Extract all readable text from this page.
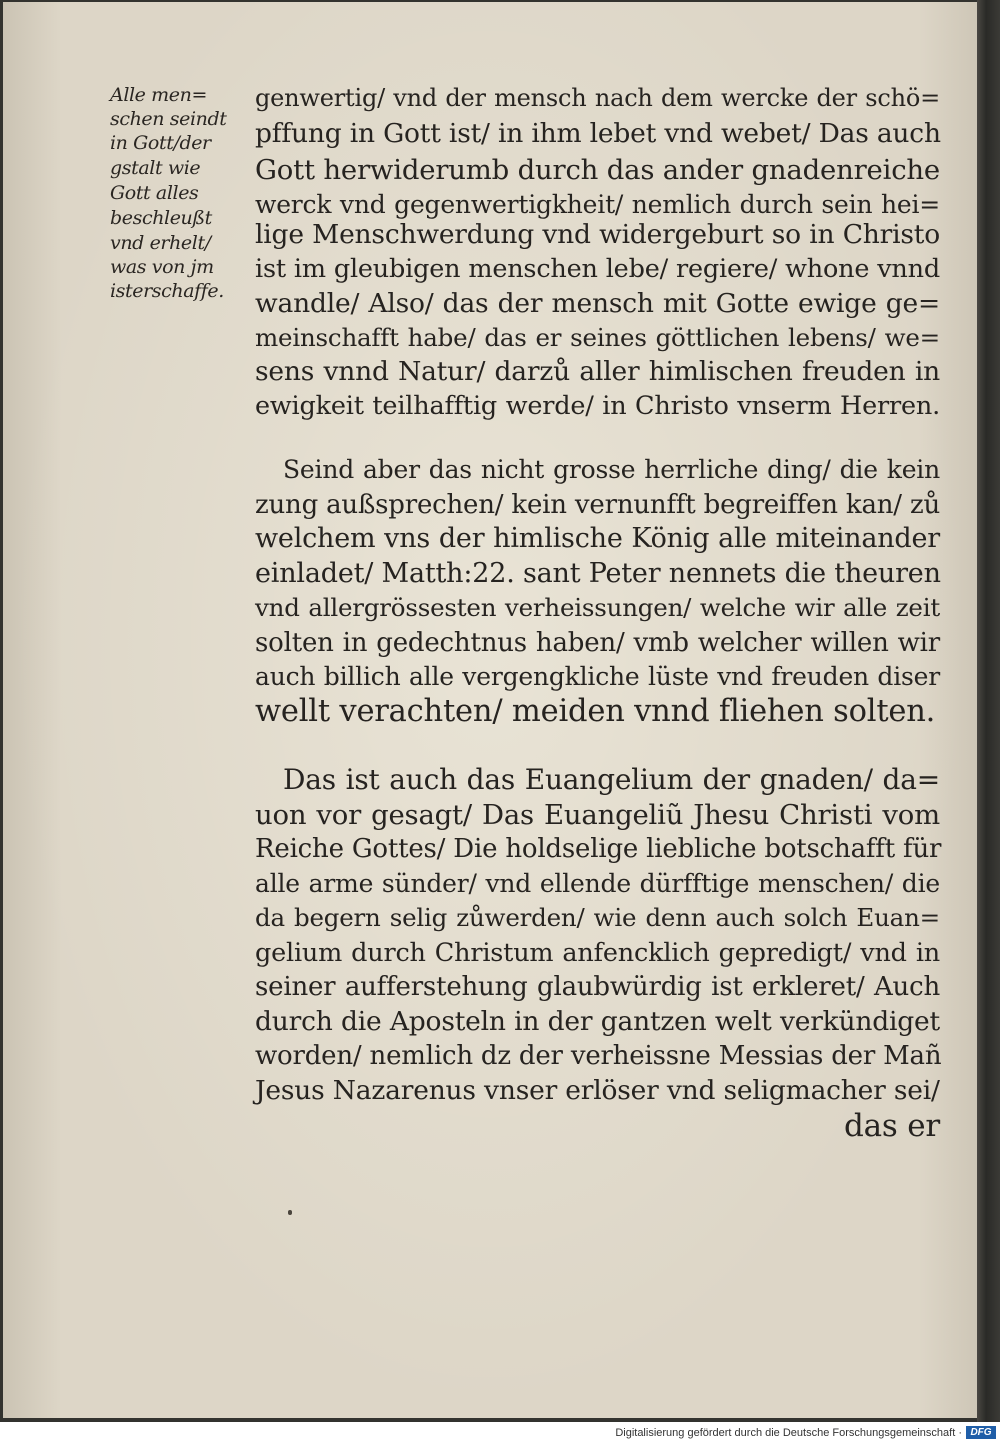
Alle men=

schen seindt

in Gott/der

gstalt wie

Gott alles

beschleußt

vnd erhelt/

was von jm

isterschaffe.

genwertig/ vnd der mensch nach dem wercke der schö=

pffung in Gott ist/ in ihm lebet vnd webet/ Das auch

Gott herwiderumb durch das ander gnadenreiche

werck vnd gegenwertigkheit/ nemlich durch sein hei=

lige Menschwerdung vnd widergeburt so in Christo

ist im gleubigen menschen lebe/ regiere/ whone vnnd

wandle/ Also/ das der mensch mit Gotte ewige ge=

meinschafft habe/ das er seines göttlichen lebens/ we=

sens vnnd Natur/ darzů aller himlischen freuden in

ewigkeit teilhafftig werde/ in Christo vnserm Herren.

Seind aber das nicht grosse herrliche ding/ die kein

zung außsprechen/ kein vernunfft begreiffen kan/ zů

welchem vns der himlische König alle miteinander

einladet/ Matth:22. sant Peter nennets die theuren

vnd allergrössesten verheissungen/ welche wir alle zeit

solten in gedechtnus haben/ vmb welcher willen wir

auch billich alle vergengkliche lüste vnd freuden diser

wellt verachten/ meiden vnnd fliehen solten.

Das ist auch das Euangelium der gnaden/ da=

uon vor gesagt/ Das Euangeliũ Jhesu Christi vom

Reiche Gottes/ Die holdselige liebliche botschafft für

alle arme sünder/ vnd ellende dürfftige menschen/ die

da begern selig zůwerden/ wie denn auch solch Euan=

gelium durch Christum anfencklich gepredigt/ vnd in

seiner aufferstehung glaubwürdig ist erkleret/ Auch

durch die Aposteln in der gantzen welt verkündiget

worden/ nemlich dz der verheissne Messias der Mañ

Jesus Nazarenus vnser erlöser vnd seligmacher sei/

das er

Digitalisierung gefördert durch die Deutsche Forschungsgemeinschaft · DFG
